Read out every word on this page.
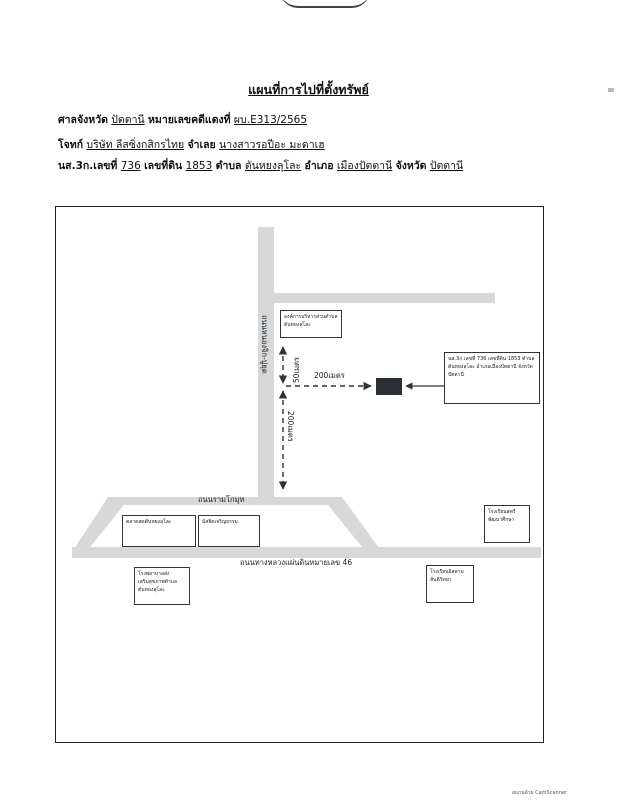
แผนที่การไปที่ตั้งทรัพย์
ศาลจังหวัด ปัตตานี หมายเลขคดีแดงที่ ผบ.E313/2565
โจทก์ บริษัท ลีสซิ่งกสิกรไทย จำเลย นางสาวรอปีอะ มะดาเฮ
นส.3ก.เลขที่ 736 เลขที่ดิน 1853 ตำบล ตันหยงลุโละ อำเภอ เมืองปัตตานี จังหวัด ปัตตานี
ถนนหนองจิก-ปูยุด
ถนนรามโกมุท
ถนนทางหลวงแผ่นดินหมายเลข 46
50เมตร 200เมตร
200เมตร
องค์การบริหารส่วนตำบลตันหยงลุโละ
ตลาดสดตันหยงลุโละ	มัสยิดเจริญธรรม
โรงพยาบาลส่งเสริมสุขภาพตำบลตันหยงลุโละ
โรงเรียนสตรีพัฒนาศึกษา
โรงเรียนอิสลามสันติวิทยา
นส.3ก.เลขที่ 736 เลขที่ดิน 1853 ตำบลตันหยงลุโละ อำเภอเมืองปัตตานี จังหวัดปัตตานี
สแกนด้วย CamScanner
